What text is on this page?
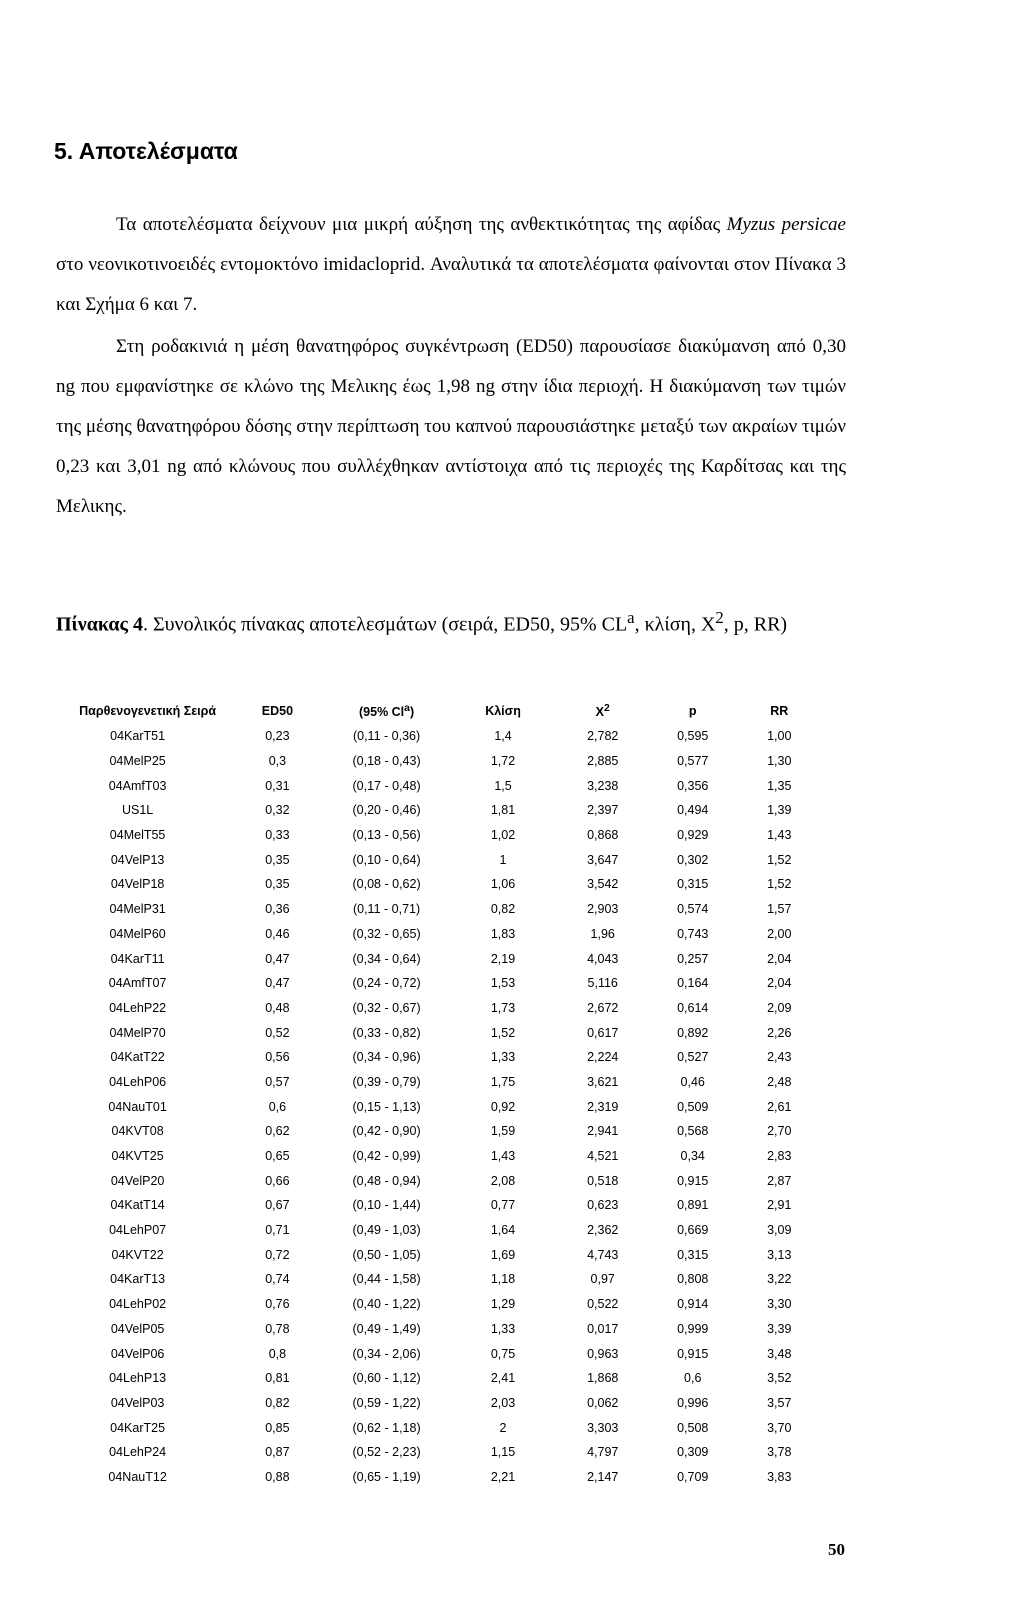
5. Αποτελέσματα

Τα αποτελέσματα δείχνουν μια μικρή αύξηση της ανθεκτικότητας της αφίδας Myzus persicae στο νεονικοτινοειδές εντομοκτόνο imidacloprid. Αναλυτικά τα αποτελέσματα φαίνονται στον Πίνακα 3 και Σχήμα 6 και 7.

Στη ροδακινιά η μέση θανατηφόρος συγκέντρωση (ED50) παρουσίασε διακύμανση από 0,30 ng που εμφανίστηκε σε κλώνο της Μελικης έως 1,98 ng στην ίδια περιοχή. Η διακύμανση των τιμών της μέσης θανατηφόρου δόσης στην περίπτωση του καπνού παρουσιάστηκε μεταξύ των ακραίων τιμών 0,23 και 3,01 ng από κλώνους που συλλέχθηκαν αντίστοιχα από τις περιοχές της Καρδίτσας και της Μελικης.

Πίνακας 4. Συνολικός πίνακας αποτελεσμάτων (σειρά, ED50, 95% $CL^a$, κλίση, $X^2$, p, RR)

Παρθενογενετική Σειρά	ED50	(95% Cl$^a$)	Κλίση	$X^2$	p	RR
04KarT51	0,23	(0,11 - 0,36)	1,4	2,782	0,595	1,00
04MelP25	0,3	(0,18 - 0,43)	1,72	2,885	0,577	1,30
04AmfT03	0,31	(0,17 - 0,48)	1,5	3,238	0,356	1,35
US1L	0,32	(0,20 - 0,46)	1,81	2,397	0,494	1,39
04MelT55	0,33	(0,13 - 0,56)	1,02	0,868	0,929	1,43
04VelP13	0,35	(0,10 - 0,64)	1	3,647	0,302	1,52
04VelP18	0,35	(0,08 - 0,62)	1,06	3,542	0,315	1,52
04MelP31	0,36	(0,11 - 0,71)	0,82	2,903	0,574	1,57
04MelP60	0,46	(0,32 - 0,65)	1,83	1,96	0,743	2,00
04KarT11	0,47	(0,34 - 0,64)	2,19	4,043	0,257	2,04
04AmfT07	0,47	(0,24 - 0,72)	1,53	5,116	0,164	2,04
04LehP22	0,48	(0,32 - 0,67)	1,73	2,672	0,614	2,09
04MelP70	0,52	(0,33 - 0,82)	1,52	0,617	0,892	2,26
04KatT22	0,56	(0,34 - 0,96)	1,33	2,224	0,527	2,43
04LehP06	0,57	(0,39 - 0,79)	1,75	3,621	0,46	2,48
04NauT01	0,6	(0,15 - 1,13)	0,92	2,319	0,509	2,61
04KVT08	0,62	(0,42 - 0,90)	1,59	2,941	0,568	2,70
04KVT25	0,65	(0,42 - 0,99)	1,43	4,521	0,34	2,83
04VelP20	0,66	(0,48 - 0,94)	2,08	0,518	0,915	2,87
04KatT14	0,67	(0,10 - 1,44)	0,77	0,623	0,891	2,91
04LehP07	0,71	(0,49 - 1,03)	1,64	2,362	0,669	3,09
04KVT22	0,72	(0,50 - 1,05)	1,69	4,743	0,315	3,13
04KarT13	0,74	(0,44 - 1,58)	1,18	0,97	0,808	3,22
04LehP02	0,76	(0,40 - 1,22)	1,29	0,522	0,914	3,30
04VelP05	0,78	(0,49 - 1,49)	1,33	0,017	0,999	3,39
04VelP06	0,8	(0,34 - 2,06)	0,75	0,963	0,915	3,48
04LehP13	0,81	(0,60 - 1,12)	2,41	1,868	0,6	3,52
04VelP03	0,82	(0,59 - 1,22)	2,03	0,062	0,996	3,57
04KarT25	0,85	(0,62 - 1,18)	2	3,303	0,508	3,70
04LehP24	0,87	(0,52 - 2,23)	1,15	4,797	0,309	3,78
04NauT12	0,88	(0,65 - 1,19)	2,21	2,147	0,709	3,83
50
